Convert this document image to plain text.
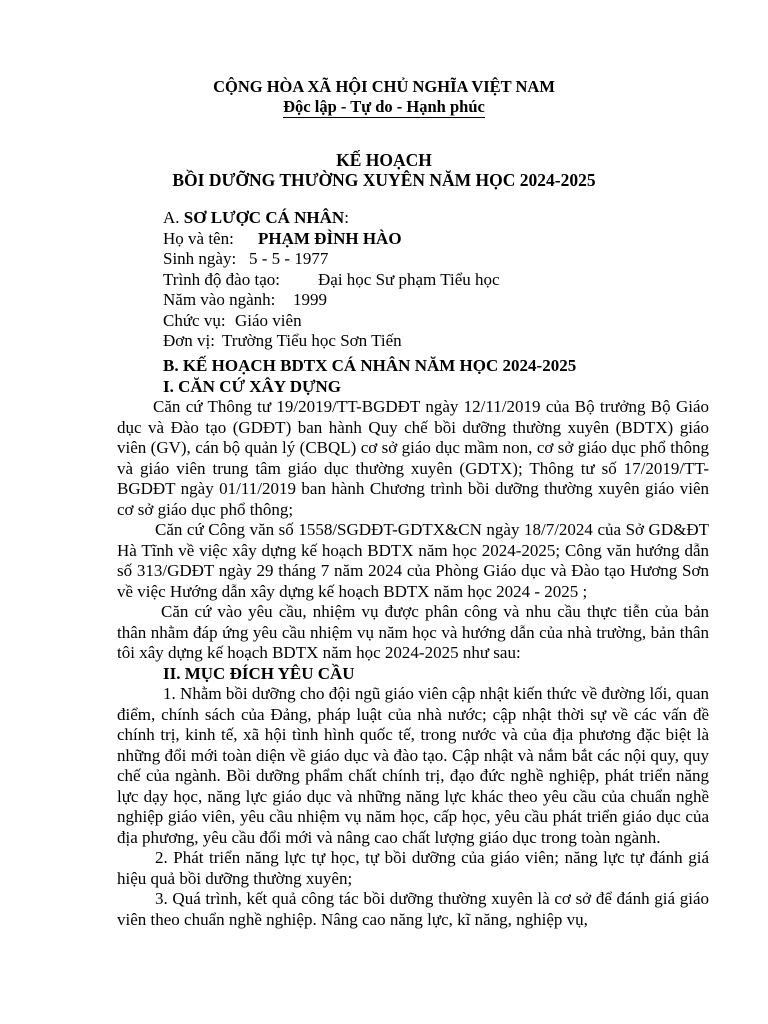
CỘNG HÒA XÃ HỘI CHỦ NGHĨA VIỆT NAM
Độc lập - Tự do - Hạnh phúc
KẾ HOẠCH
BỒI DƯỠNG THƯỜNG XUYÊN NĂM HỌC 2024-2025
A. SƠ LƯỢC CÁ NHÂN:
Họ và tên: PHẠM ĐÌNH HÀO
Sinh ngày: 5 - 5 - 1977
Trình độ đào tạo: Đại học Sư phạm Tiểu học
Năm vào ngành: 1999
Chức vụ: Giáo viên
Đơn vị: Trường Tiểu học Sơn Tiến
B. KẾ HOẠCH BDTX CÁ NHÂN NĂM HỌC 2024-2025
I. CĂN CỨ XÂY DỰNG
Căn cứ Thông tư 19/2019/TT-BGDĐT ngày 12/11/2019 của Bộ trưởng Bộ Giáo dục và Đào tạo (GDĐT) ban hành Quy chế bồi dưỡng thường xuyên (BDTX) giáo viên (GV), cán bộ quản lý (CBQL) cơ sở giáo dục mầm non, cơ sở giáo dục phổ thông và giáo viên trung tâm giáo dục thường xuyên (GDTX); Thông tư số 17/2019/TT-BGDĐT ngày 01/11/2019 ban hành Chương trình bồi dưỡng thường xuyên giáo viên cơ sở giáo dục phổ thông;
Căn cứ Công văn số 1558/SGDĐT-GDTX&CN ngày 18/7/2024 của Sở GD&ĐT Hà Tĩnh về việc xây dựng kế hoạch BDTX năm học 2024-2025; Công văn hướng dẫn số 313/GDĐT ngày 29 tháng 7 năm 2024 của Phòng Giáo dục và Đào tạo Hương Sơn về việc Hướng dẫn xây dựng kế hoạch BDTX năm học 2024 - 2025 ;
Căn cứ vào yêu cầu, nhiệm vụ được phân công và nhu cầu thực tiễn của bản thân nhằm đáp ứng yêu cầu nhiệm vụ năm học và hướng dẫn của nhà trường, bản thân tôi xây dựng kế hoạch BDTX năm học 2024-2025 như sau:
II. MỤC ĐÍCH YÊU CẦU
1. Nhằm bồi dưỡng cho đội ngũ giáo viên cập nhật kiến thức về đường lối, quan điểm, chính sách của Đảng, pháp luật của nhà nước; cập nhật thời sự về các vấn đề chính trị, kinh tế, xã hội tình hình quốc tế, trong nước và của địa phương đặc biệt là những đổi mới toàn diện về giáo dục và đào tạo. Cập nhật và nắm bắt các nội quy, quy chế của ngành. Bồi dưỡng phẩm chất chính trị, đạo đức nghề nghiệp, phát triển năng lực dạy học, năng lực giáo dục và những năng lực khác theo yêu cầu của chuẩn nghề nghiệp giáo viên, yêu cầu nhiệm vụ năm học, cấp học, yêu cầu phát triển giáo dục của địa phương, yêu cầu đổi mới và nâng cao chất lượng giáo dục trong toàn ngành.
2. Phát triển năng lực tự học, tự bồi dưỡng của giáo viên; năng lực tự đánh giá hiệu quả bồi dưỡng thường xuyên;
3. Quá trình, kết quả công tác bồi dưỡng thường xuyên là cơ sở để đánh giá giáo viên theo chuẩn nghề nghiệp. Nâng cao năng lực, kĩ năng, nghiệp vụ,
